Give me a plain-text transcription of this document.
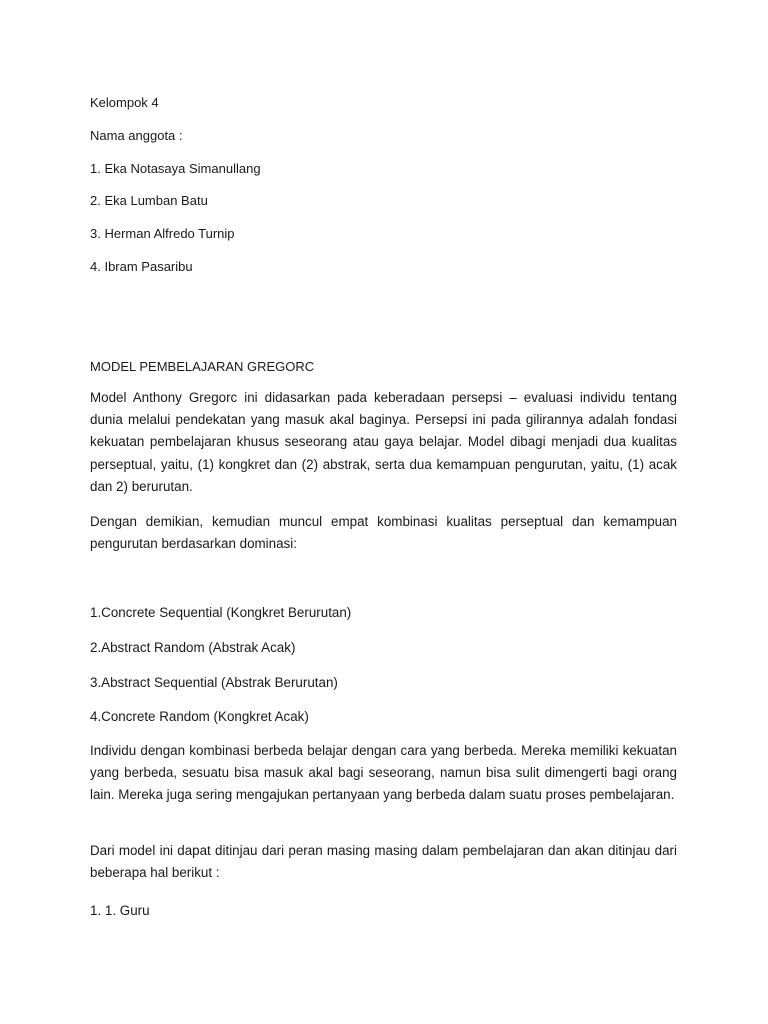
Kelompok 4
Nama anggota :
1. Eka Notasaya Simanullang
2. Eka Lumban Batu
3. Herman Alfredo Turnip
4. Ibram Pasaribu
MODEL PEMBELAJARAN GREGORC
Model Anthony Gregorc ini didasarkan pada keberadaan persepsi – evaluasi individu tentang dunia melalui pendekatan yang masuk akal baginya. Persepsi ini pada gilirannya adalah fondasi kekuatan pembelajaran khusus seseorang atau gaya belajar. Model dibagi menjadi dua kualitas perseptual, yaitu, (1) kongkret dan (2) abstrak, serta dua kemampuan pengurutan, yaitu, (1) acak dan 2) berurutan.
Dengan demikian, kemudian muncul empat kombinasi kualitas perseptual dan kemampuan pengurutan berdasarkan dominasi:
1.Concrete Sequential (Kongkret Berurutan)
2.Abstract Random (Abstrak Acak)
3.Abstract Sequential (Abstrak Berurutan)
4.Concrete Random (Kongkret Acak)
Individu dengan kombinasi berbeda belajar dengan cara yang berbeda. Mereka memiliki kekuatan yang berbeda, sesuatu bisa masuk akal bagi seseorang, namun bisa sulit dimengerti bagi orang lain. Mereka juga sering mengajukan pertanyaan yang berbeda dalam suatu proses pembelajaran.
Dari model ini dapat ditinjau dari peran masing masing dalam pembelajaran dan akan ditinjau dari beberapa hal berikut :
1. 1. Guru
